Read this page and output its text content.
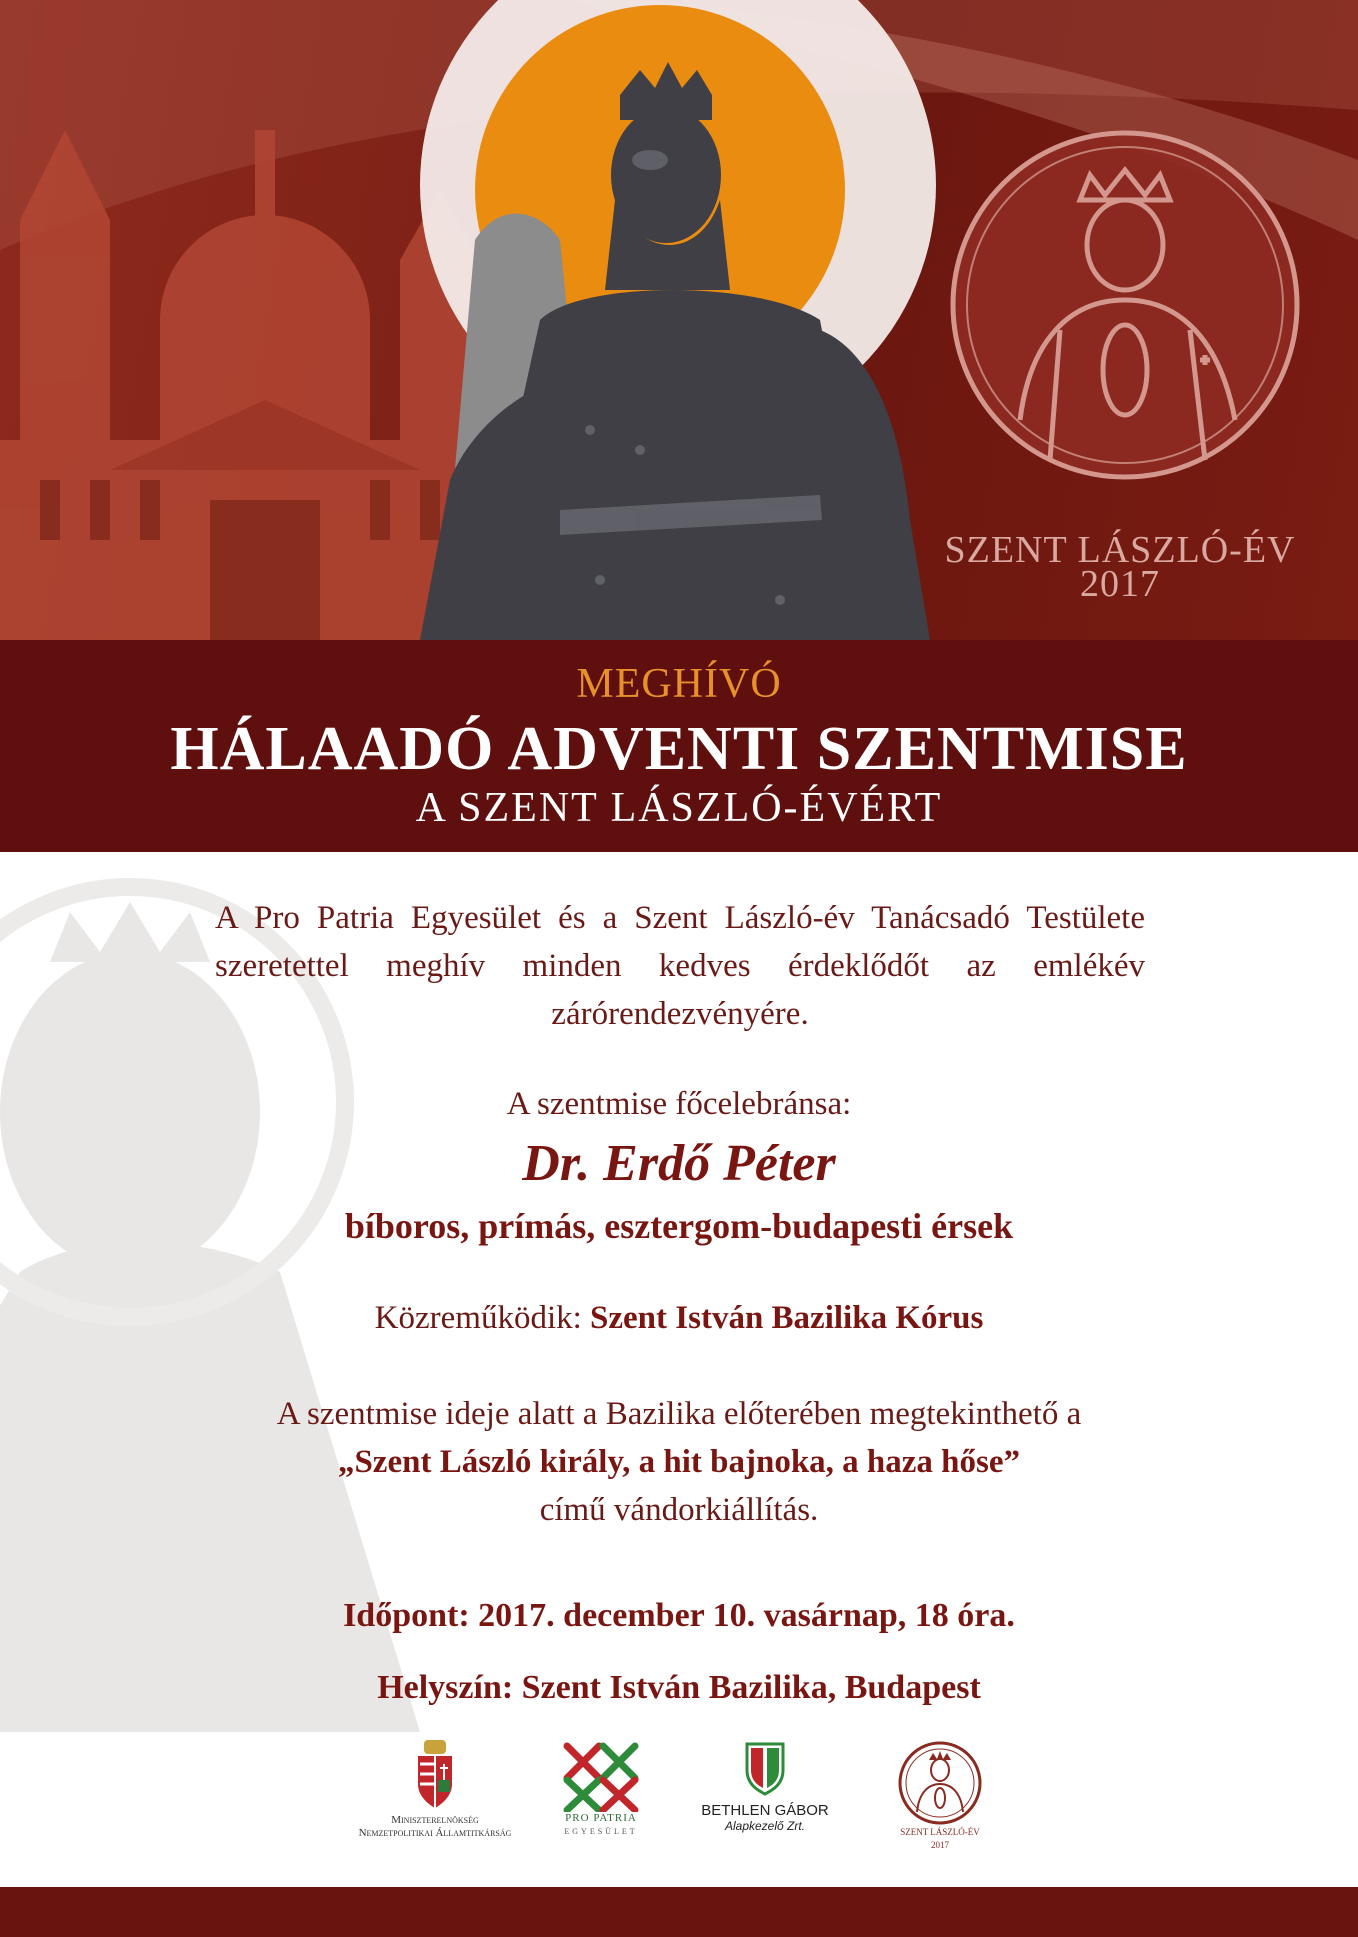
SZENT LÁSZLÓ-ÉV
2017
MEGHÍVÓ
HÁLAADÓ ADVENTI SZENTMISE
A SZENT LÁSZLÓ-ÉVÉRT
A Pro Patria Egyesület és a Szent László-év Tanácsadó Testülete szeretettel meghív minden kedves érdeklődőt az emlékév zárórendezvényére.
A szentmise főcelebránsa:
Dr. Erdő Péter
bíboros, prímás, esztergom-budapesti érsek
Közreműködik: Szent István Bazilika Kórus
A szentmise ideje alatt a Bazilika előterében megtekinthető a
„Szent László király, a hit bajnoka, a haza hőse”
című vándorkiállítás.
Időpont: 2017. december 10. vasárnap, 18 óra.
Helyszín: Szent István Bazilika, Budapest
Miniszterelnökség
Nemzetpolitikai Államtitkárság
PRO PATRIA
EGYESÜLET
BETHLEN GÁBOR
Alapkezelő Zrt.	SZENT LÁSZLÓ-ÉV
2017
